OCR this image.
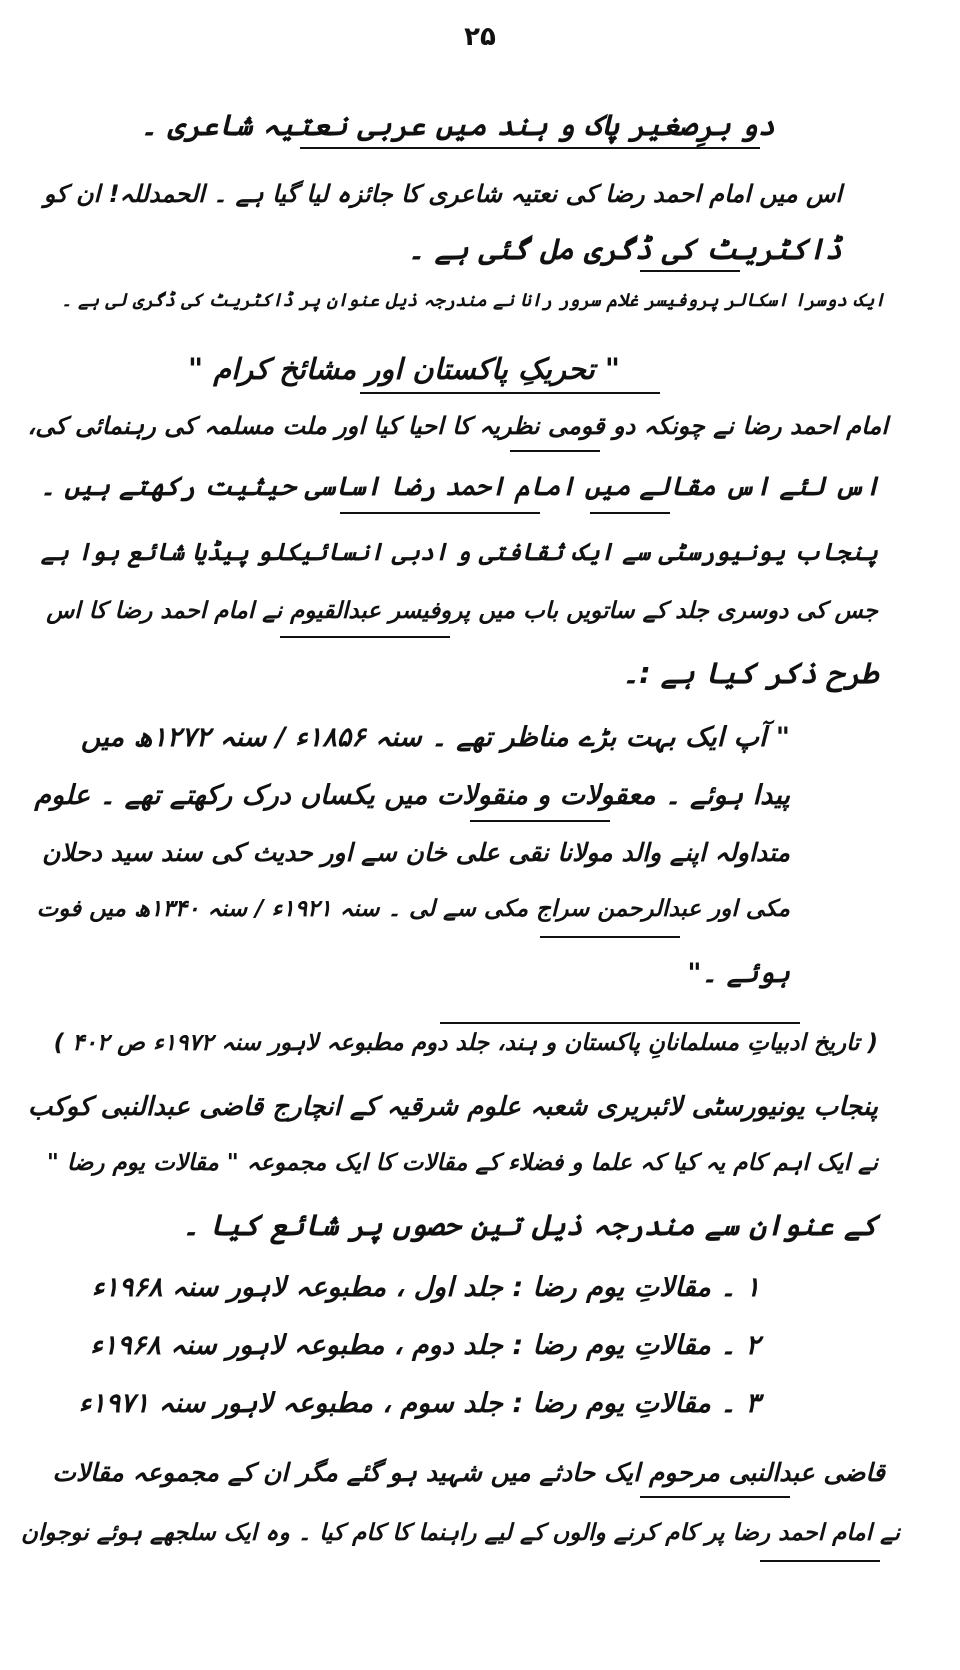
۲۵
دو برِصغیر پاک و ہند میں عربی نعتیہ شاعری ۔
اس میں امام احمد رضا کی نعتیہ شاعری کا جائزہ لیا گیا ہے ۔ الحمدللہ! ان کو
ڈاکٹریٹ کی ڈگری مل گئی ہے ۔
ایک دوسرا اسکالر پروفیسر غلام سرور رانا نے مندرجہ ذیل عنوان پر ڈاکٹریٹ کی ڈگری لی ہے ۔
" تحریکِ پاکستان اور مشائخ کرام "
امام احمد رضا نے چونکہ دو قومی نظریہ کا احیا کیا اور ملت مسلمہ کی رہنمائی کی،
اس لئے اس مقالے میں امام احمد رضا اساسی حیثیت رکھتے ہیں ۔
پنجاب یونیورسٹی سے ایک ثقافتی و ادبی انسائیکلو پیڈیا شائع ہوا ہے
جس کی دوسری جلد کے ساتویں باب میں پروفیسر عبدالقیوم نے امام احمد رضا کا اس
طرح ذکر کیا ہے :۔
" آپ ایک بہت بڑے مناظر تھے ۔ سنہ ۱۸۵۶ء / سنہ ۱۲۷۲ھ میں
پیدا ہوئے ۔ معقولات و منقولات میں یکساں درک رکھتے تھے ۔ علوم
متداولہ اپنے والد مولانا نقی علی خان سے اور حدیث کی سند سید دحلان
مکی اور عبدالرحمن سراج مکی سے لی ۔ سنہ ۱۹۲۱ء / سنہ ۱۳۴۰ھ میں فوت
ہوئے ۔"
( تاریخ ادبیاتِ مسلمانانِ پاکستان و ہند، جلد دوم مطبوعہ لاہور سنہ ۱۹۷۲ء ص ۴۰۲ )
پنجاب یونیورسٹی لائبریری شعبہ علوم شرقیہ کے انچارج قاضی عبدالنبی کوکب
نے ایک اہم کام یہ کیا کہ علما و فضلاء کے مقالات کا ایک مجموعہ " مقالات یوم رضا "
کے عنوان سے مندرجہ ذیل تین حصوں پر شائع کیا ۔
۱ ۔ مقالاتِ یوم رضا : جلد اول ، مطبوعہ لاہور سنہ ۱۹۶۸ء
۲ ۔ مقالاتِ یوم رضا : جلد دوم ، مطبوعہ لاہور سنہ ۱۹۶۸ء
۳ ۔ مقالاتِ یوم رضا : جلد سوم ، مطبوعہ لاہور سنہ ۱۹۷۱ء
قاضی عبدالنبی مرحوم ایک حادثے میں شہید ہو گئے مگر ان کے مجموعہ مقالات
نے امام احمد رضا پر کام کرنے والوں کے لیے راہنما کا کام کیا ۔ وہ ایک سلجھے ہوئے نوجوان
